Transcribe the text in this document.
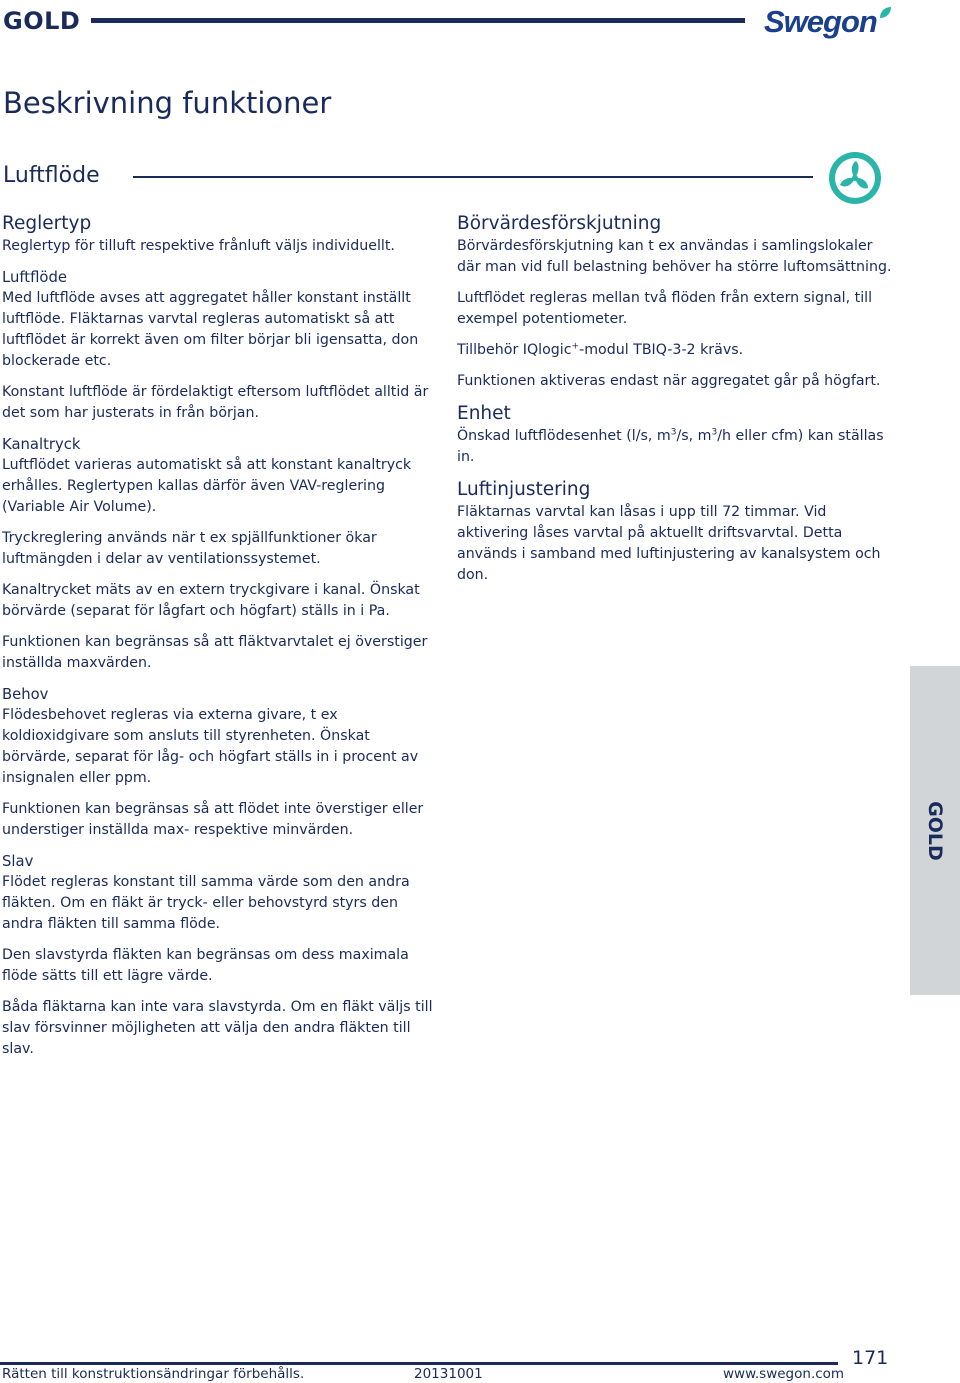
GOLD	Swegon
Beskrivning funktioner
Luftflöde
Reglertyp

Reglertyp för tilluft respektive frånluft väljs individuellt.

Luftflöde

Med luftflöde avses att aggregatet håller konstant inställt luftflöde. Fläktarnas varvtal regleras automatiskt så att luftflödet är korrekt även om filter börjar bli igensatta, don blockerade etc.

Konstant luftflöde är fördelaktigt eftersom luftflödet alltid är det som har justerats in från början.

Kanaltryck

Luftflödet varieras automatiskt så att konstant kanaltryck erhålles. Reglertypen kallas därför även VAV-reglering (Variable Air Volume).

Tryckreglering används när t ex spjällfunktioner ökar luftmängden i delar av ventilationssystemet.

Kanaltrycket mäts av en extern tryckgivare i kanal. Önskat börvärde (separat för lågfart och högfart) ställs in i Pa.

Funktionen kan begränsas så att fläktvarvtalet ej överstiger inställda maxvärden.

Behov

Flödesbehovet regleras via externa givare, t ex koldioxidgivare som ansluts till styrenheten. Önskat börvärde, separat för låg- och högfart ställs in i procent av insignalen eller ppm.

Funktionen kan begränsas så att flödet inte överstiger eller understiger inställda max- respektive minvärden.

Slav

Flödet regleras konstant till samma värde som den andra fläkten. Om en fläkt är tryck- eller behovstyrd styrs den andra fläkten till samma flöde.

Den slavstyrda fläkten kan begränsas om dess maximala flöde sätts till ett lägre värde.

Båda fläktarna kan inte vara slavstyrda. Om en fläkt väljs till slav försvinner möjligheten att välja den andra fläkten till slav.

Börvärdesförskjutning

Börvärdesförskjutning kan t ex användas i samlingslokaler där man vid full belastning behöver ha större luftomsättning.

Luftflödet regleras mellan två flöden från extern signal, till exempel potentiometer.

Tillbehör IQlogic+-modul TBIQ-3-2 krävs.

Funktionen aktiveras endast när aggregatet går på högfart.

Enhet

Önskad luftflödesenhet (l/s, $m^3/s$, $m^3/h$ eller cfm) kan ställas in.

Luftinjustering

Fläktarnas varvtal kan låsas i upp till 72 timmar. Vid aktivering låses varvtal på aktuellt driftsvarvtal. Detta används i samband med luftinjustering av kanalsystem och don.

GOLD
171
Rätten till konstruktionsändringar förbehålls.	20131001	www.swegon.com
